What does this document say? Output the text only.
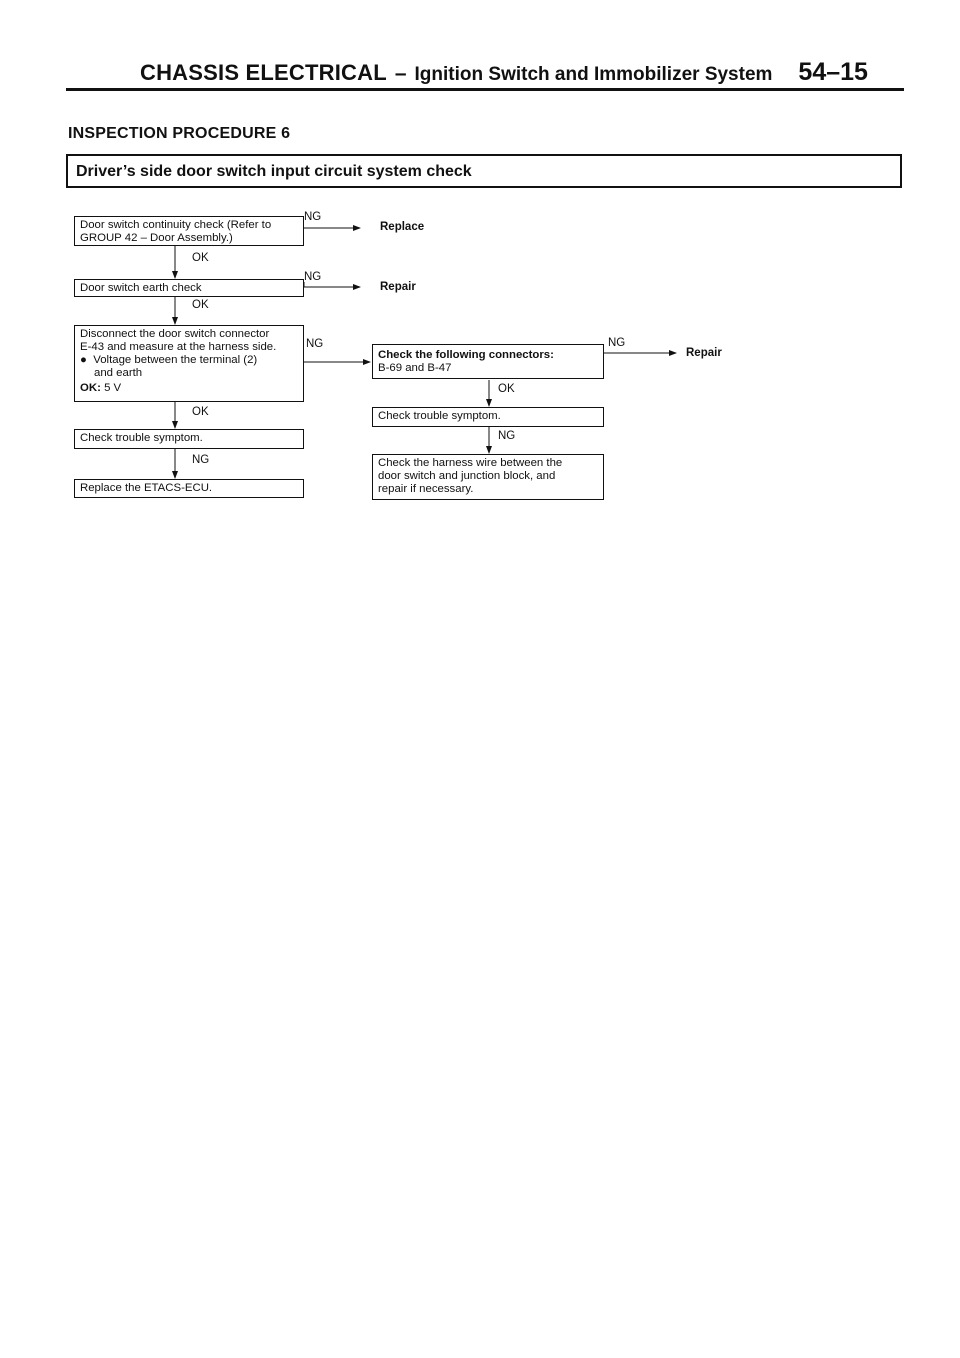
CHASSIS ELECTRICAL – Ignition Switch and Immobilizer System 54–15
INSPECTION PROCEDURE 6
Driver’s side door switch input circuit system check
Door switch continuity check (Refer to
GROUP 42 – Door Assembly.)
NG
Replace
OK
Door switch earth check
NG
Repair
OK
Disconnect the door switch connector
E-43 and measure at the harness side.
● Voltage between the terminal (2)
and earth
OK: 5 V
NG
OK
Check trouble symptom.
NG
Replace the ETACS-ECU.
Check the following connectors:
B-69 and B-47
NG
Repair
OK
Check trouble symptom.
NG
Check the harness wire between the
door switch and junction block, and
repair if necessary.
